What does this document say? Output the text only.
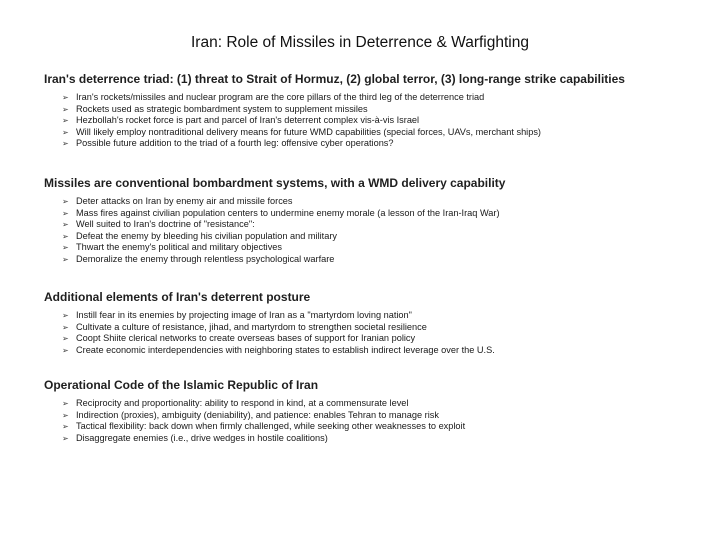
Iran: Role of Missiles in Deterrence & Warfighting
Iran's deterrence triad: (1) threat to Strait of Hormuz, (2) global terror, (3) long-range strike capabilities
➢ Iran's rockets/missiles and nuclear program are the core pillars of the third leg of the deterrence triad
➢ Rockets used as strategic bombardment system to supplement missiles
➢ Hezbollah's rocket force is part and parcel of Iran's deterrent complex vis-à-vis Israel
➢ Will likely employ nontraditional delivery means for future WMD capabilities (special forces, UAVs, merchant ships)
➢ Possible future addition to the triad of a fourth leg: offensive cyber operations?
Missiles are conventional bombardment systems, with a WMD delivery capability
➢ Deter attacks on Iran by enemy air and missile forces
➢ Mass fires against civilian population centers to undermine enemy morale (a lesson of the Iran-Iraq War)
➢ Well suited to Iran's doctrine of "resistance":
➢ Defeat the enemy by bleeding his civilian population and military
➢ Thwart the enemy's political and military objectives
➢ Demoralize the enemy through relentless psychological warfare
Additional elements of Iran's deterrent posture
➢ Instill fear in its enemies by projecting image of Iran as a "martyrdom loving nation"
➢ Cultivate a culture of resistance, jihad, and martyrdom to strengthen societal resilience
➢ Coopt Shiite clerical networks to create overseas bases of support for Iranian policy
➢ Create economic interdependencies with neighboring states to establish indirect leverage over the U.S.
Operational Code of the Islamic Republic of Iran
➢ Reciprocity and proportionality: ability to respond in kind, at a commensurate level
➢ Indirection (proxies), ambiguity (deniability), and patience: enables Tehran to manage risk
➢ Tactical flexibility: back down when firmly challenged, while seeking other weaknesses to exploit
➢ Disaggregate enemies (i.e., drive wedges in hostile coalitions)
